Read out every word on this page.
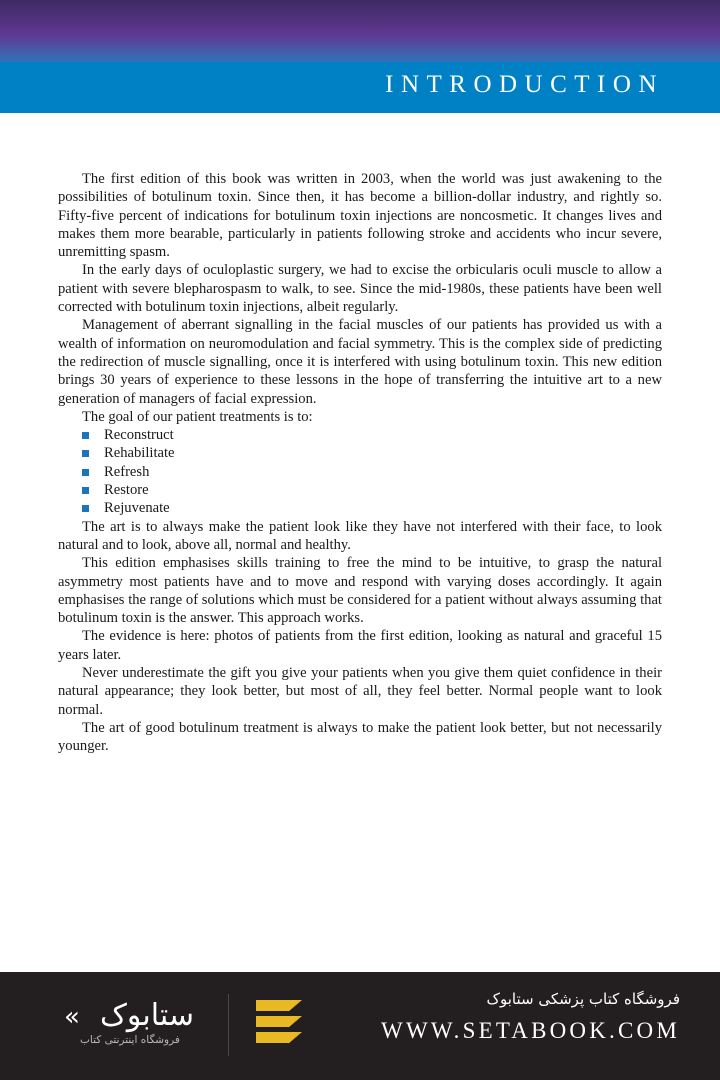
INTRODUCTION

The first edition of this book was written in 2003, when the world was just awakening to the possibilities of botulinum toxin. Since then, it has become a billion-dollar industry, and rightly so. Fifty-five percent of indications for botulinum toxin injections are noncosmetic. It changes lives and makes them more bearable, particularly in patients following stroke and accidents who incur severe, unremitting spasm.

In the early days of oculoplastic surgery, we had to excise the orbicularis oculi muscle to allow a patient with severe blepharospasm to walk, to see. Since the mid-1980s, these patients have been well corrected with botulinum toxin injections, albeit regularly.

Management of aberrant signalling in the facial muscles of our patients has provided us with a wealth of information on neuromodulation and facial symmetry. This is the complex side of predicting the redirection of muscle signalling, once it is interfered with using botulinum toxin. This new edition brings 30 years of experience to these lessons in the hope of transferring the intuitive art to a new generation of managers of facial expression.

The goal of our patient treatments is to:

Reconstruct
Rehabilitate
Refresh
Restore
Rejuvenate

The art is to always make the patient look like they have not interfered with their face, to look natural and to look, above all, normal and healthy.

This edition emphasises skills training to free the mind to be intuitive, to grasp the natural asymmetry most patients have and to move and respond with varying doses accordingly. It again emphasises the range of solutions which must be considered for a patient without always assuming that botulinum toxin is the answer. This approach works.

The evidence is here: photos of patients from the first edition, looking as natural and graceful 15 years later.

Never underestimate the gift you give your patients when you give them quiet confidence in their natural appearance; they look better, but most of all, they feel better. Normal people want to look normal.

The art of good botulinum treatment is always to make the patient look better, but not necessarily younger.

« ستابوک
فروشگاه اینترنتی کتاب
فروشگاه کتاب پزشکی ستابوک
WWW.SETABOOK.COM
